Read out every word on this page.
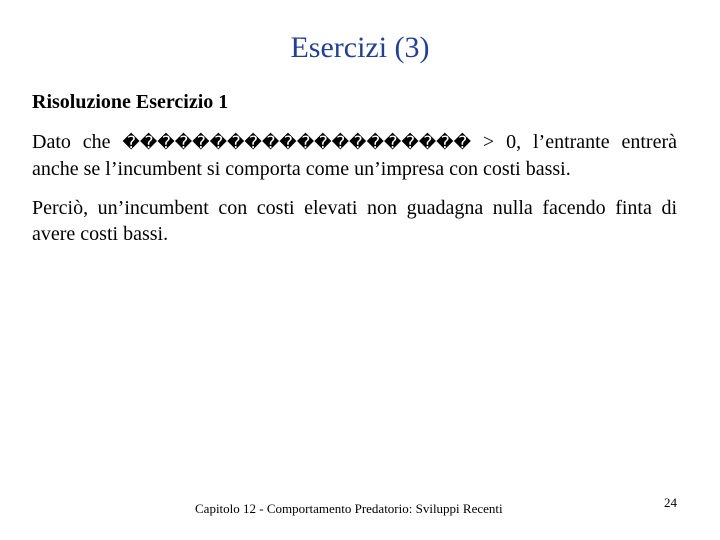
Esercizi (3)
Risoluzione Esercizio 1

Dato che �������������������� > 0, l’entrante entrerà anche se l’incumbent si comporta come un’impresa con costi bassi.

Perciò, un’incumbent con costi elevati non guadagna nulla facendo finta di avere costi bassi.

Capitolo 12 - Comportamento Predatorio: Sviluppi Recenti	24
